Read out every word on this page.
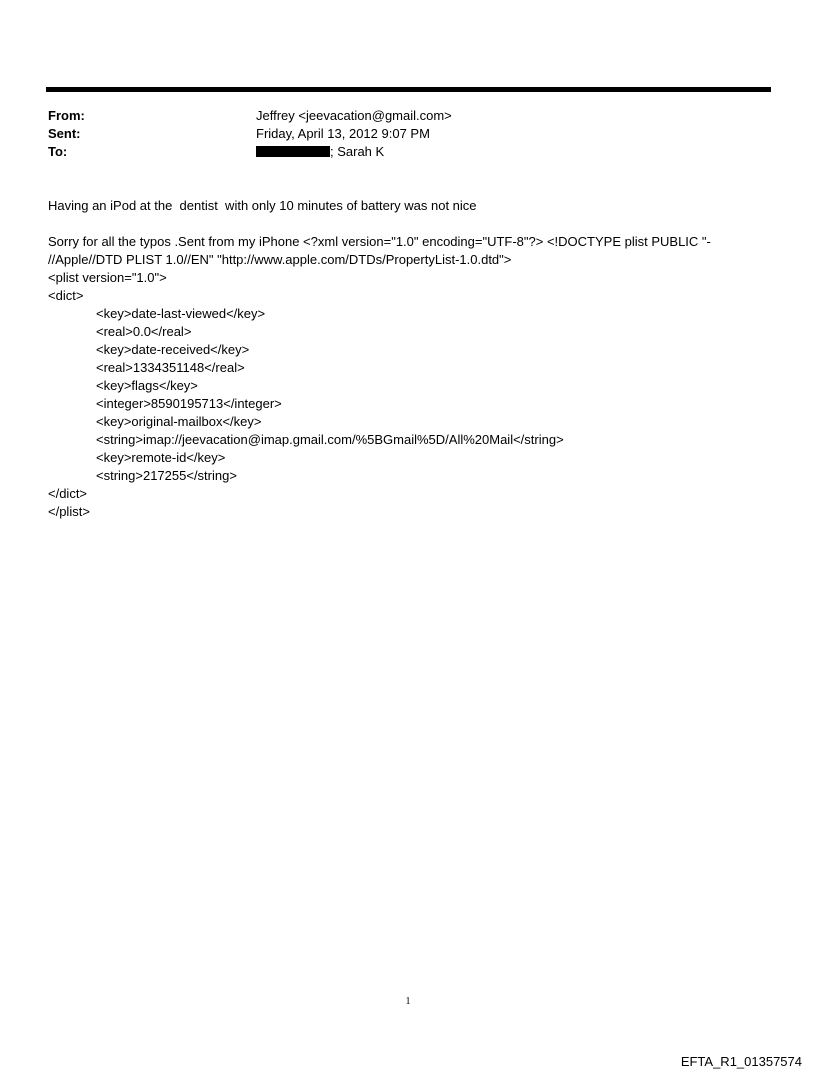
From:	Jeffrey <jeevacation@gmail.com>
Sent:	Friday, April 13, 2012 9:07 PM
To:	; Sarah K
Having an iPod at the  dentist  with only 10 minutes of battery was not nice
Sorry for all the typos .Sent from my iPhone <?xml version="1.0" encoding="UTF-8"?> <!DOCTYPE plist PUBLIC "-
//Apple//DTD PLIST 1.0//EN" "http://www.apple.com/DTDs/PropertyList-1.0.dtd">
<plist version="1.0">
<dict>
<key>date-last-viewed</key>
<real>0.0</real>
<key>date-received</key>
<real>1334351148</real>
<key>flags</key>
<integer>8590195713</integer>
<key>original-mailbox</key>
<string>imap://jeevacation@imap.gmail.com/%5BGmail%5D/All%20Mail</string>
<key>remote-id</key>
<string>217255</string>
</dict>
</plist>
1
EFTA_R1_01357574
